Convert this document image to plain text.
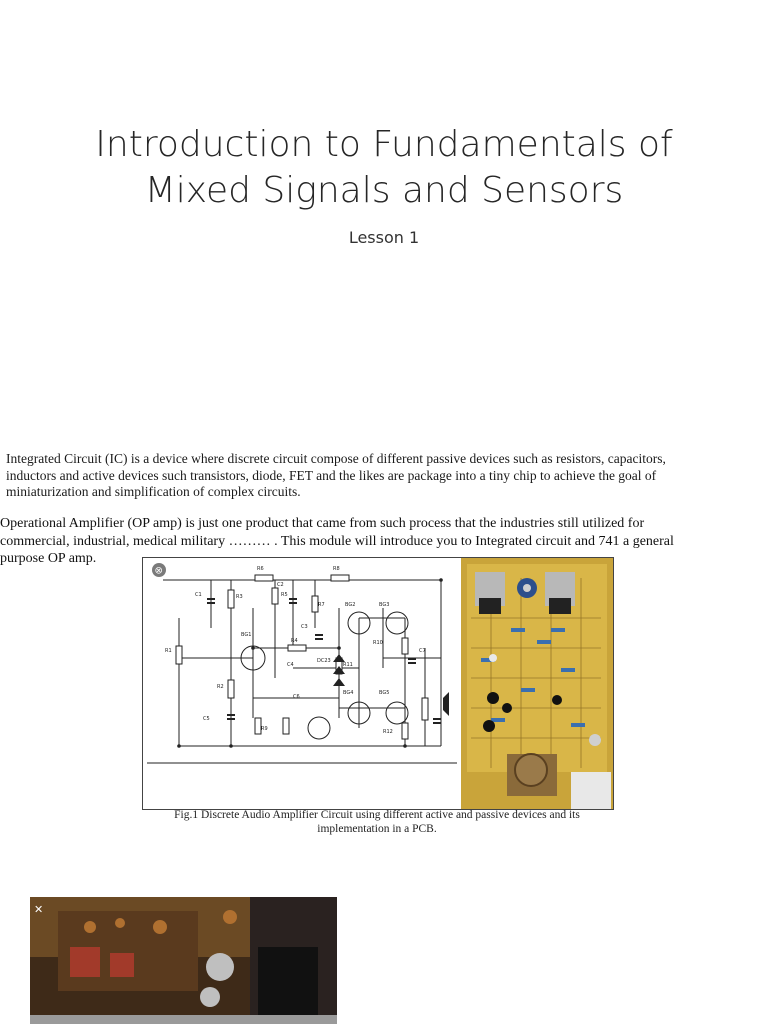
Introduction to Fundamentals of
Mixed Signals and Sensors
Lesson 1

Integrated Circuit (IC) is a device where discrete circuit compose of different passive devices such as resistors, capacitors, inductors and active devices such transistors, diode, FET and the likes are package into a tiny chip to achieve the goal of miniaturization and simplification of complex circuits.

Operational Amplifier (OP amp) is just one product that came from such process that the industries still utilized for commercial, industrial, medical military ……… . This module will introduce you to Integrated circuit and 741 a general purpose OP amp.

R1
R3
R2
R6	R8
R5
R7
R4
R11
R10
R12
R9
BG1
BG2	BG3
BG4	BG5
C1
C2
C3
C4
C5
C6
C7
DC23
⊗
Fig.1 Discrete Audio Amplifier Circuit using different active and passive devices and its implementation in a PCB.
✕
